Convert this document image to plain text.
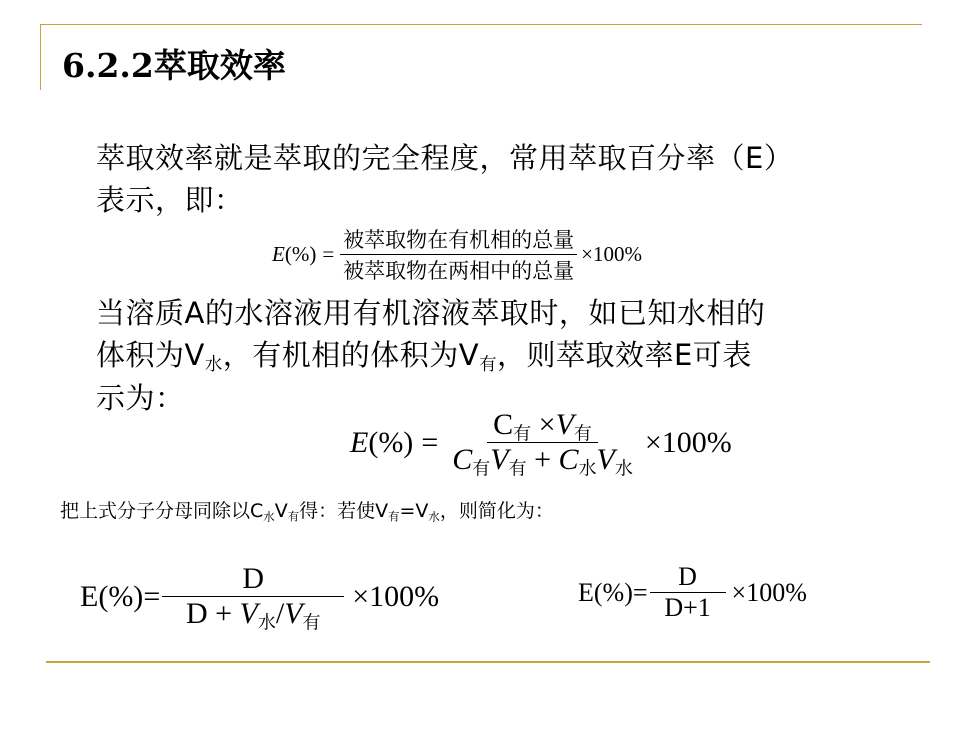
6.2.2萃取效率
萃取效率就是萃取的完全程度，常用萃取百分率（E）
表示，即：
E (%) = $\frac{\text{被萃取物在有机相的总量}}{\text{被萃取物在两相中的总量}} \times 100\%$
当溶质A的水溶液用有机溶液萃取时，如已知水相的
体积为$V_水$，有机相的体积为$V_有$，则萃取效率E可表
示为：
E (%) = $\frac{C_有 \times V_有}{C_有V_有 + C_水V_水} \times 100\%$
把上式分子分母同除以$C_水V_有$得：若使$V_有=V_水$，则简化为：
E (%) = $\frac{D}{D + V_水/V_有} \times 100\%$	E (%) = $\frac{D}{D+1} \times 100\%$
